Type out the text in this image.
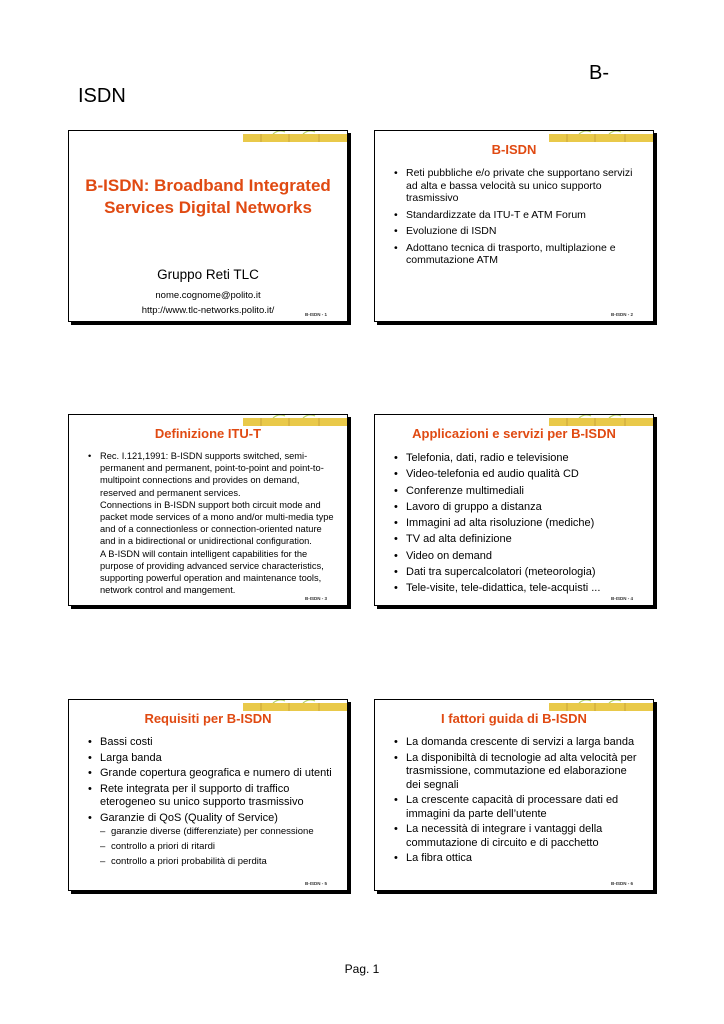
B-
ISDN
B-ISDN: Broadband Integrated Services Digital Networks
Gruppo Reti TLC
nome.cognome@polito.it
http://www.tlc-networks.polito.it/	B-ISDN - 1
B-ISDN
• Reti pubbliche e/o private che supportano servizi ad alta e bassa velocità su unico supporto trasmissivo
• Standardizzate da ITU-T e ATM Forum
• Evoluzione di ISDN
• Adottano tecnica di trasporto, multiplazione e commutazione ATM
B-ISDN - 2
Definizione ITU-T
• Rec. I.121,1991: B-ISDN supports switched, semi-permanent and permanent, point-to-point and point-to-multipoint connections and provides on demand, reserved and permanent services.
Connections in B-ISDN support both circuit mode and packet mode services of a mono and/or multi-media type and of a connectionless or connection-oriented nature and in a bidirectional or unidirectional configuration.
A B-ISDN will contain intelligent capabilities for the purpose of providing advanced service characteristics, supporting powerful operation and maintenance tools, network control and mangement.
B-ISDN - 3
Applicazioni e servizi per B-ISDN
• Telefonia, dati, radio e televisione
• Video-telefonia ed audio qualità CD
• Conferenze multimediali
• Lavoro di gruppo a distanza
• Immagini ad alta risoluzione (mediche)
• TV ad alta definizione
• Video on demand
• Dati tra supercalcolatori (meteorologia)
• Tele-visite, tele-didattica, tele-acquisti ...
B-ISDN - 4
Requisiti per B-ISDN
• Bassi costi
• Larga banda
• Grande copertura geografica e numero di utenti
• Rete integrata per il supporto di traffico eterogeneo su unico supporto trasmissivo
• Garanzie di QoS (Quality of Service)
– garanzie diverse (differenziate) per connessione
– controllo a priori di ritardi
– controllo a priori probabilità di perdita
B-ISDN - 5
I fattori guida di B-ISDN
• La domanda crescente di servizi a larga banda
• La disponibiltà di tecnologie ad alta velocità per trasmissione, commutazione ed elaborazione dei segnali
• La crescente capacità di processare dati ed immagini da parte dell’utente
• La necessità di integrare i vantaggi della commutazione di circuito e di pacchetto
• La fibra ottica
B-ISDN - 6
Pag. 1
